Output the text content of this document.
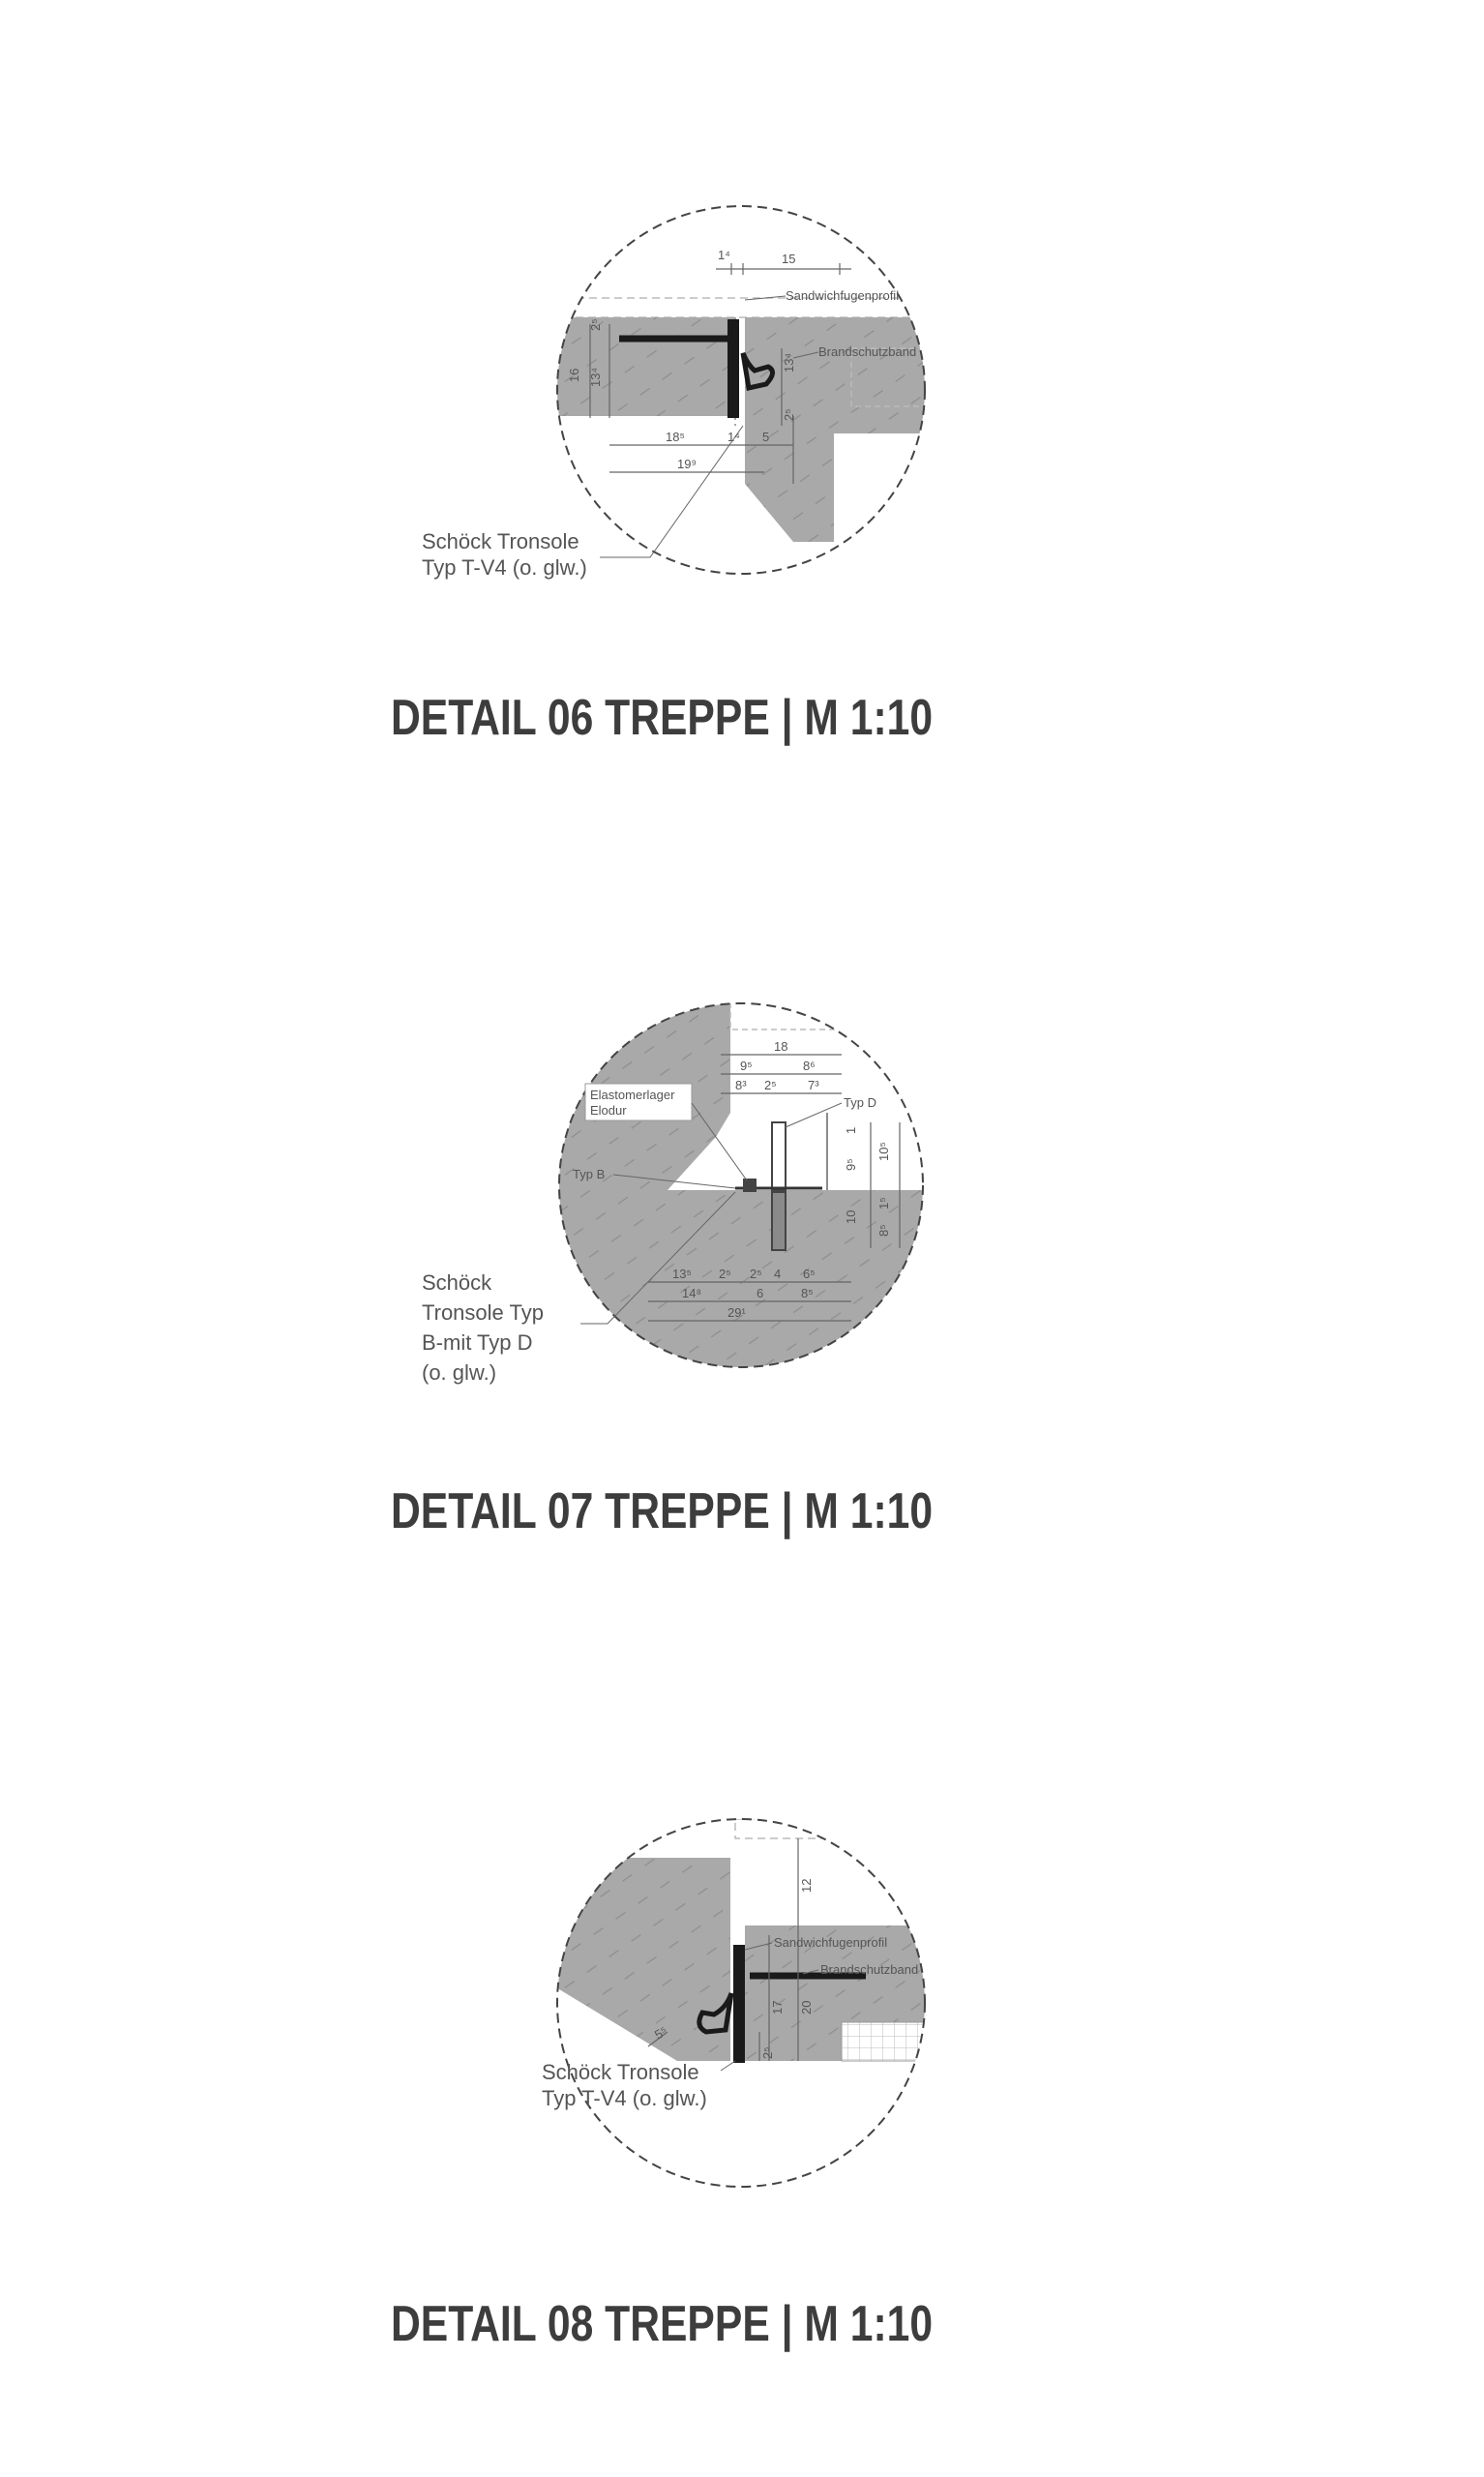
1⁴	15
16 13⁴
2⁵
13⁴
2⁵
18⁵	1⁴ 5
19⁹
Sandwichfugenprofil
Brandschutzband
Schöck Tronsole
Typ T-V4 (o. glw.)
DETAIL 06 TREPPE | M 1:10
18
9⁵	8⁶
8³ 2⁵ 7³
9⁵
1
10⁵
10
1⁵
8⁵
13⁵ 2⁵ 2⁵ 4 6⁵
14⁸	6	8⁵
29¹
Elastomerlager
Elodur
Typ D
Typ B
Schöck
Tronsole Typ
B-mit Typ D
(o. glw.)
DETAIL 07 TREPPE | M 1:10
12
17 20
2⁵
5⁵
Sandwichfugenprofil
Brandschutzband
Schöck Tronsole
Typ T-V4 (o. glw.)
DETAIL 08 TREPPE | M 1:10
